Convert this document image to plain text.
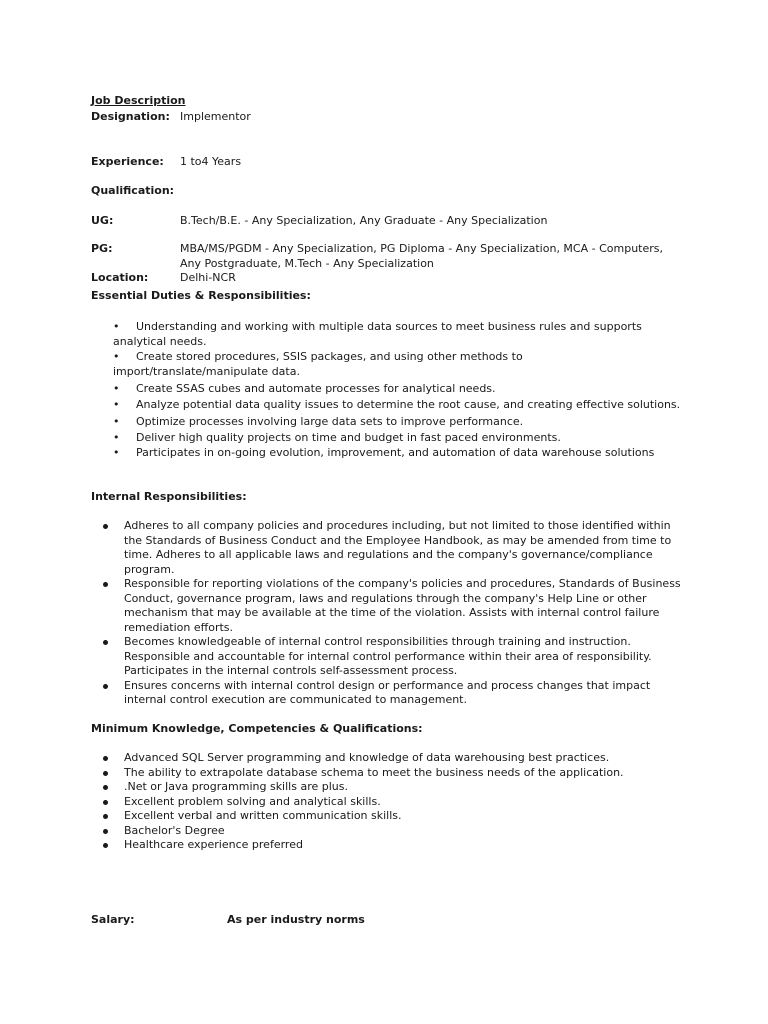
Job Description
Designation: Implementor
Experience: 1 to4 Years
Qualification:
UG:	B.Tech/B.E. - Any Specialization, Any Graduate - Any Specialization
PG:	MBA/MS/PGDM - Any Specialization, PG Diploma - Any Specialization, MCA - Computers,
Any Postgraduate, M.Tech - Any Specialization
Location:	Delhi-NCR
Essential Duties & Responsibilities:
• Understanding and working with multiple data sources to meet business rules and supports
analytical needs.
• Create stored procedures, SSIS packages, and using other methods to
import/translate/manipulate data.
• Create SSAS cubes and automate processes for analytical needs.
• Analyze potential data quality issues to determine the root cause, and creating effective solutions.
• Optimize processes involving large data sets to improve performance.
• Deliver high quality projects on time and budget in fast paced environments.
• Participates in on-going evolution, improvement, and automation of data warehouse solutions
Internal Responsibilities:
Adheres to all company policies and procedures including, but not limited to those identified within the Standards of Business Conduct and the Employee Handbook, as may be amended from time to time. Adheres to all applicable laws and regulations and the company's governance/compliance program.
Responsible for reporting violations of the company's policies and procedures, Standards of Business Conduct, governance program, laws and regulations through the company's Help Line or other mechanism that may be available at the time of the violation. Assists with internal control failure remediation efforts.
Becomes knowledgeable of internal control responsibilities through training and instruction. Responsible and accountable for internal control performance within their area of responsibility. Participates in the internal controls self-assessment process.
Ensures concerns with internal control design or performance and process changes that impact internal control execution are communicated to management.
Minimum Knowledge, Competencies & Qualifications:
Advanced SQL Server programming and knowledge of data warehousing best practices.
The ability to extrapolate database schema to meet the business needs of the application.
.Net or Java programming skills are plus.
Excellent problem solving and analytical skills.
Excellent verbal and written communication skills.
Bachelor's Degree
Healthcare experience preferred
Salary:	As per industry norms
